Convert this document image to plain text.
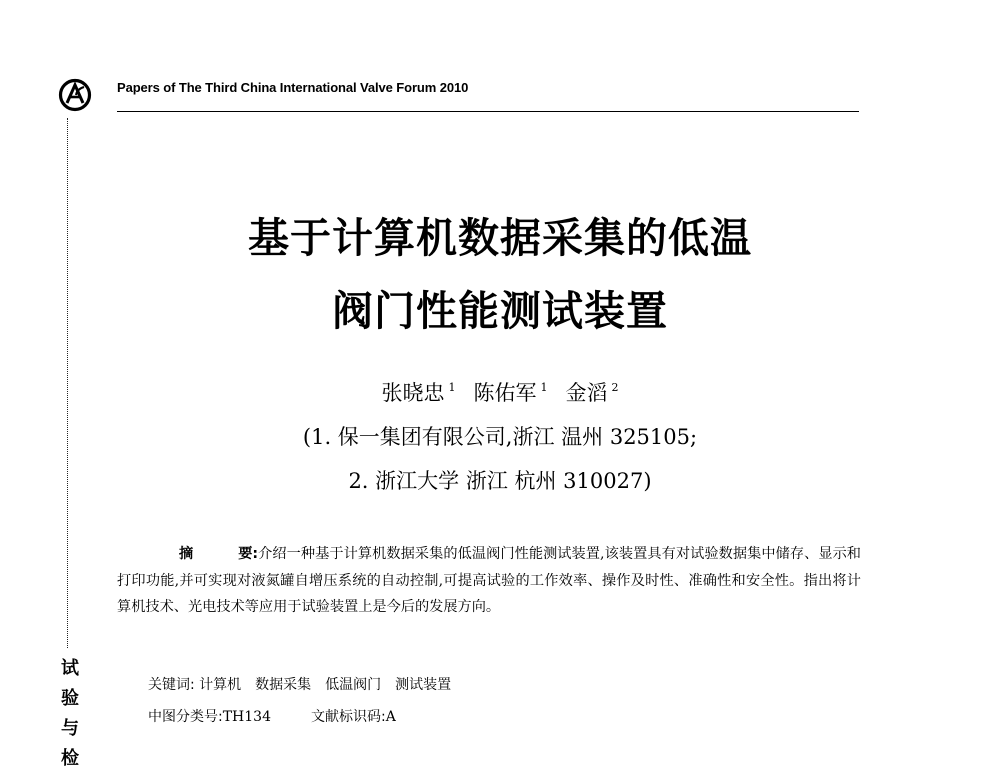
Papers of The Third China International Valve Forum 2010
试
验
与
检
基于计算机数据采集的低温
阀门性能测试装置
张晓忠 $^1$ 陈佑军 $^1$ 金滔 $^2$
(1. 保一集团有限公司,浙江 温州 325105;
2. 浙江大学 浙江 杭州 310027)

摘	要:介绍一种基于计算机数据采集的低温阀门性能测试装置,该装置具有对试验数据集中储存、显示和打印功能,并可实现对液氮罐自增压系统的自动控制,可提高试验的工作效率、操作及时性、准确性和安全性。指出将计算机技术、光电技术等应用于试验装置上是今后的发展方向。

关键词: 计算机 数据采集 低温阀门 测试装置
中图分类号:TH134	文献标识码:A
